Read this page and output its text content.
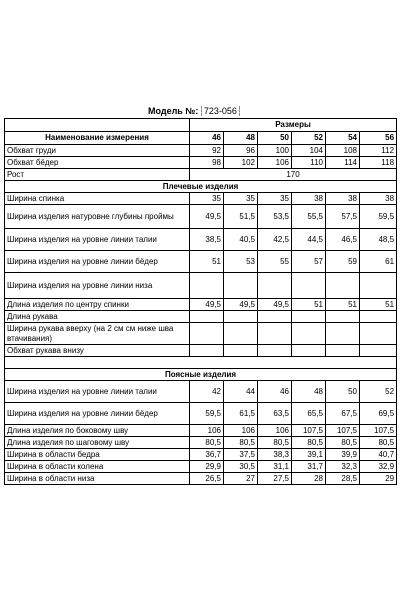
Модель №: 723-056
	Размеры					
Наименование измерения	46	48	50	52	54	56
Обхват груди	92	96	100	104	108	112
Обхват бёдер	98	102	106	110	114	118
Рост	170					
Плечевые изделия						
Ширина спинка	35	35	35	38	38	38
Ширина изделия натуровне глубины проймы	49,5	51,5	53,5	55,5	57,5	59,5
Ширина изделия на уровне линии талии	38,5	40,5	42,5	44,5	46,5	48,5
Ширина изделия на уровне линии бёдер	51	53	55	57	59	61
Ширина изделия на уровне линии низа						
Длина изделия по центру спинки	49,5	49,5	49,5	51	51	51
Длина рукава						
Ширина рукава вверху (на 2 см см ниже шва втачивания)						
Обхват рукава внизу						

Поясные изделия						
Ширина изделия на уровне линии талии	42	44	46	48	50	52
Ширина изделия на уровне линии бёдер	59,5	61,5	63,5	65,5	67,5	69,5
Длина изделия по боковому шву	106	106	106	107,5	107,5	107,5
Длина изделия по шаговому шву	80,5	80,5	80,5	80,5	80,5	80,5
Ширина в области бедра	36,7	37,5	38,3	39,1	39,9	40,7
Ширина в области колена	29,9	30,5	31,1	31,7	32,3	32,9
Ширина в области низа	26,5	27	27,5	28	28,5	29
